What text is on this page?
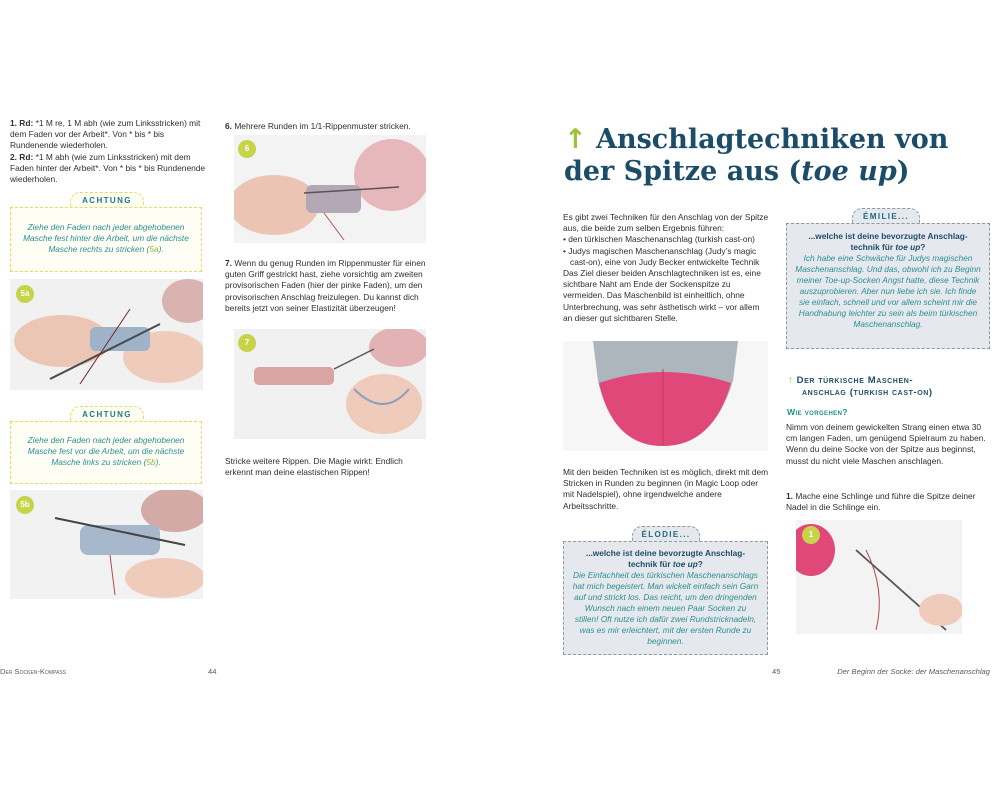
1. Rd: *1 M re, 1 M abh (wie zum Linksstricken) mit dem Faden vor der Arbeit*. Von * bis * bis Rundenende wiederholen.

2. Rd: *1 M abh (wie zum Linksstricken) mit dem Faden hinter der Arbeit*. Von * bis * bis Rundenende wiederholen.

ACHTUNG
Ziehe den Faden nach jeder abgehobenen Masche fest hinter die Arbeit, um die nächste Masche rechts zu stricken (5a).
5a
ACHTUNG
Ziehe den Faden nach jeder abgehobenen Masche fest vor die Arbeit, um die nächste Masche links zu stricken (5b).
5b
6. Mehrere Runden im 1/1-Rippenmuster stricken.
6
7. Wenn du genug Runden im Rippenmuster für einen guten Griff gestrickt hast, ziehe vorsichtig am zweiten provisorischen Faden (hier der pinke Faden), um den provisorischen Anschlag freizulegen. Du kannst dich bereits jetzt von seiner Elastizität überzeugen!
7
Stricke weitere Rippen. Die Magie wirkt: Endlich erkennt man deine elastischen Rippen!
Der Socken-Kompass	44
↑ Anschlagtechniken von
der Spitze aus (toe up)

Es gibt zwei Techniken für den Anschlag von der Spitze aus, die beide zum selben Ergebnis führen:

• den türkischen Maschenanschlag (turkish cast-on)

• Judys magischen Maschenanschlag (Judy’s magic cast-on), eine von Judy Becker entwickelte Technik

Das Ziel dieser beiden Anschlagtechniken ist es, eine sichtbare Naht am Ende der Sockenspitze zu vermeiden. Das Maschenbild ist einheitlich, ohne Unterbrechung, was sehr ästhetisch wirkt – vor allem an dieser gut sichtbaren Stelle.

Mit den beiden Techniken ist es möglich, direkt mit dem Stricken in Runden zu beginnen (in Magic Loop oder mit Nadelspiel), ohne irgendwelche andere Arbeitsschritte.
ÉLODIE...
...welche ist deine bevorzugte Anschlag-
technik für toe up?
Die Einfachheit des türkischen Maschenanschlags hat mich begeistert. Man wickelt einfach sein Garn auf und strickt los. Das reicht, um den dringenden Wunsch nach einem neuen Paar Socken zu stillen! Oft nutze ich dafür zwei Rundstricknadeln, was es mir erleichtert, mit der ersten Runde zu beginnen.
ÉMILIE...
...welche ist deine bevorzugte Anschlag-
technik für toe up?
Ich habe eine Schwäche für Judys magischen Maschenanschlag. Und das, obwohl ich zu Beginn meiner Toe-up-Socken Angst hatte, diese Technik auszuprobieren. Aber nun liebe ich sie. Ich finde sie einfach, schnell und vor allem scheint mir die Handhabung leichter zu sein als beim türkischen Maschenanschlag.
↑ Der türkische Maschen-
anschlag (turkish cast-on)
Wie vorgehen?
Nimm von deinem gewickelten Strang einen etwa 30 cm langen Faden, um genügend Spielraum zu haben. Wenn du deine Socke von der Spitze aus beginnst, musst du nicht viele Maschen anschlagen.
1. Mache eine Schlinge und führe die Spitze deiner Nadel in die Schlinge ein.
1
45	Der Beginn der Socke: der Maschenanschlag
